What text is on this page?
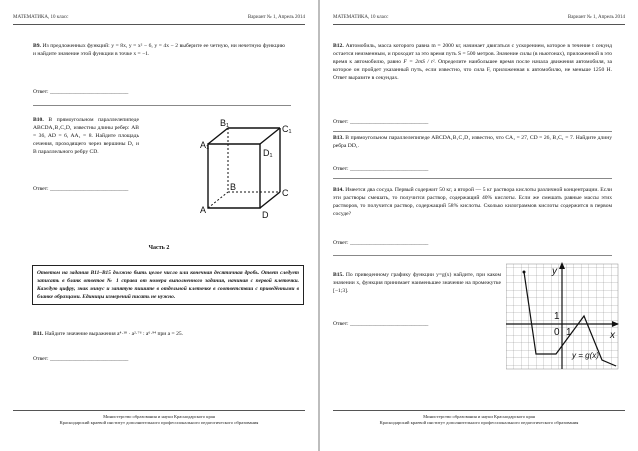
МАТЕМАТИКА, 10 класс	Вариант № 1, Апрель 2014
B9. Из предложенных функций: y = 8x, y = x² − 6, y = 4x − 2 выберите ее четную, ни нечетную функцию и найдите значение этой функции в точке x = −1.
Ответ: ____________________________
B10. В прямоугольном параллелепипеде ABCDA₁B₁C₁D₁ известны длины ребер: AB = 36, AD = 6, AA₁ = 8. Найдите площадь сечения, проходящего через вершины D₁ и B параллельного ребру CD.
B₁
C₁
A₁
D₁
B
C
A	D
Ответ: ____________________________
Часть 2
Ответом на задания B11–B15 должно быть целое число или конечная десятичная дробь. Ответ следует записать в бланк ответов № 1 справа от номера выполненного задания, начиная с первой клеточки. Каждую цифру, знак минус и запятую пишите в отдельной клеточке в соответствии с приведёнными в бланке образцами. Единицы измерений писать не нужно.
B11. Найдите значение выражения a⁴·¹⁸ · a²·⁷⁶ : a⁶·⁹⁴ при a = 25.
Ответ: ____________________________
Министерство образования и науки Краснодарского края
Краснодарский краевой институт дополнительного профессионального педагогического образования
МАТЕМАТИКА, 10 класс	Вариант № 1, Апрель 2014
B12. Автомобиль, масса которого равна m = 2000 кг, начинает двигаться с ускорением, которое в течение t секунд остается неизменным, и проходит за это время путь S = 500 метров. Значение силы (в ньютонах), приложенной в это время к автомобилю, равно F = 2mS / t². Определите наибольшее время после начала движения автомобиля, за которое он пройдет указанный путь, если известно, что сила F, приложенная к автомобилю, не меньше 1250 Н. Ответ выразите в секундах.
Ответ: ____________________________
B13. В прямоугольном параллелепипеде ABCDA₁B₁C₁D₁ известно, что CA₁ = 27, CD = 26, B₁C₁ = 7. Найдите длину ребра DD₁.
Ответ: ____________________________
B14. Имеется два сосуда. Первый содержит 50 кг, а второй — 5 кг раствора кислоты различной концентрации. Если эти растворы смешать, то получится раствор, содержащий 40% кислоты. Если же смешать равные массы этих растворов, то получится раствор, содержащий 58% кислоты. Сколько килограммов кислоты содержится в первом сосуде?
Ответ: ____________________________
B15. По приведенному графику функции y=g(x) найдите, при каком значении x, функция принимает наименьшее значение на промежутке [−1;3].
Ответ: ____________________________
y
x
0 1
1
y = g(x)
Министерство образования и науки Краснодарского края
Краснодарский краевой институт дополнительного профессионального педагогического образования
